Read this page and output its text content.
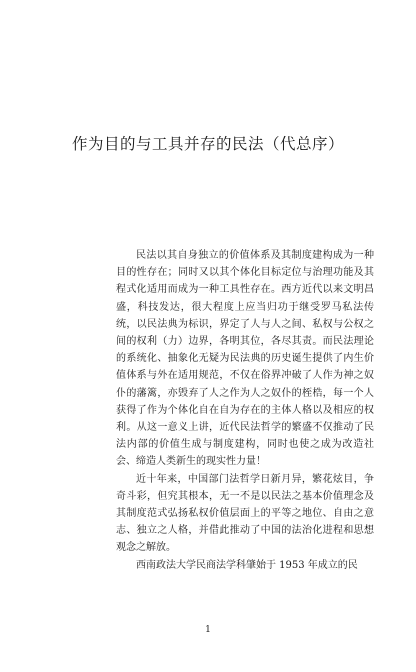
作为目的与工具并存的民法（代总序）

民法以其自身独立的价值体系及其制度建构成为一种目的性存在；同时又以其个体化目标定位与治理功能及其程式化适用而成为一种工具性存在。西方近代以来文明昌盛，科技发达，很大程度上应当归功于继受罗马私法传统，以民法典为标识，界定了人与人之间、私权与公权之间的权利（力）边界，各明其位，各尽其责。而民法理论的系统化、抽象化无疑为民法典的历史诞生提供了内生价值体系与外在适用规范，不仅在俗界冲破了人作为神之奴仆的藩篱，亦毁弃了人之作为人之奴仆的桎梏，每一个人获得了作为个体化自在自为存在的主体人格以及相应的权利。从这一意义上讲，近代民法哲学的繁盛不仅推动了民法内部的价值生成与制度建构，同时也使之成为改造社会、缔造人类新生的现实性力量！

近十年来，中国部门法哲学日新月异，繁花炫目，争奇斗彩，但究其根本，无一不是以民法之基本价值理念及其制度范式弘扬私权价值层面上的平等之地位、自由之意志、独立之人格，并借此推动了中国的法治化进程和思想观念之解放。

西南政法大学民商法学科肇始于 1953 年成立的民

1
